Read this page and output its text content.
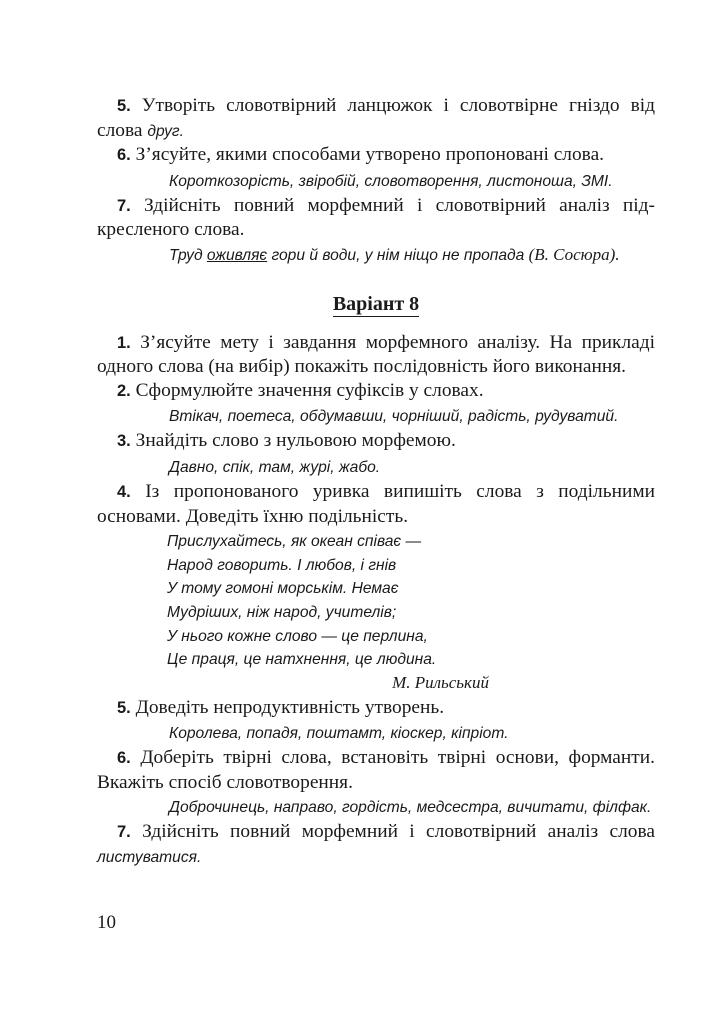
5. Утворіть словотвірний ланцюжок і словотвірне гніздо від слова друг.

6. З’ясуйте, якими способами утворено пропоновані слова.

Короткозорість, звіробій, словотворення, листоноша, ЗМІ.

7. Здійсніть повний морфемний і словотвірний аналіз підкресленого слова.

Труд оживляє гори й води, у нім ніщо не пропада (В. Сосюра).

Варіант 8

1. З’ясуйте мету і завдання морфемного аналізу. На прикладі одного слова (на вибір) покажіть послідовність його виконання.

2. Сформулюйте значення суфіксів у словах.

Втікач, поетеса, обдумавши, чорніший, радість, рудуватий.

3. Знайдіть слово з нульовою морфемою.

Давно, спік, там, журі, жабо.

4. Із пропонованого уривка випишіть слова з подільними основами. Доведіть їхню подільність.

Прислухайтесь, як океан співає —
Народ говорить. І любов, і гнів
У тому гомоні морськім. Немає
Мудріших, ніж народ, учителів;
У нього кожне слово — це перлина,
Це праця, це натхнення, це людина.
М. Рильський

5. Доведіть непродуктивність утворень.

Королева, попадя, поштамт, кіоскер, кіпріот.

6. Доберіть твірні слова, встановіть твірні основи, форманти. Вкажіть спосіб словотворення.

Доброчинець, направо, гордість, медсестра, вичитати, філфак.

7. Здійсніть повний морфемний і словотвірний аналіз слова листуватися.

10
